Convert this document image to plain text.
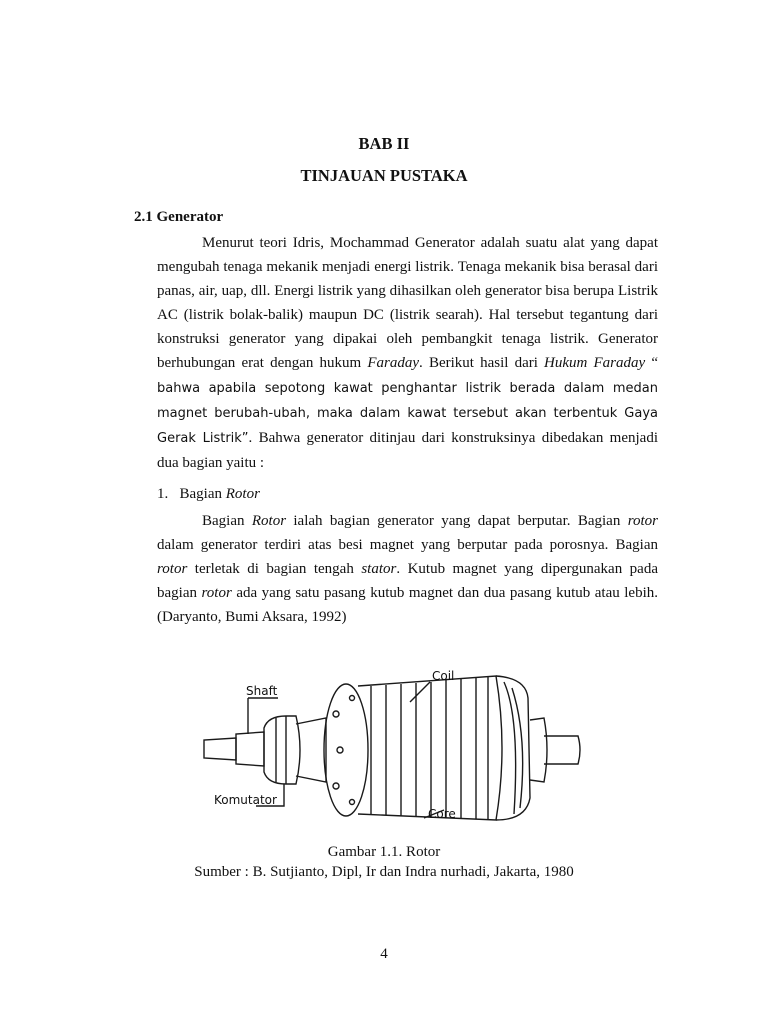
BAB II
TINJAUAN PUSTAKA
2.1 Generator

Menurut teori Idris, Mochammad Generator adalah suatu alat yang dapat mengubah tenaga mekanik menjadi energi listrik. Tenaga mekanik bisa berasal dari panas, air, uap, dll. Energi listrik yang dihasilkan oleh generator bisa berupa Listrik AC (listrik bolak-balik) maupun DC (listrik searah). Hal tersebut tegantung dari konstruksi generator yang dipakai oleh pembangkit tenaga listrik. Generator berhubungan erat dengan hukum Faraday. Berikut hasil dari Hukum Faraday “ bahwa apabila sepotong kawat penghantar listrik berada dalam medan magnet berubah-ubah, maka dalam kawat tersebut akan terbentuk Gaya Gerak Listrik”. Bahwa generator ditinjau dari konstruksinya dibedakan menjadi dua bagian yaitu :

1. Bagian Rotor

Bagian Rotor ialah bagian generator yang dapat berputar. Bagian rotor dalam generator terdiri atas besi magnet yang berputar pada porosnya. Bagian rotor terletak di bagian tengah stator. Kutub magnet yang dipergunakan pada bagian rotor ada yang satu pasang kutub magnet dan dua pasang kutub atau lebih. (Daryanto, Bumi Aksara, 1992)

Shaft
Coil
Komutator
Core
Gambar 1.1. Rotor
Sumber : B. Sutjianto, Dipl, Ir dan Indra nurhadi, Jakarta, 1980
4
